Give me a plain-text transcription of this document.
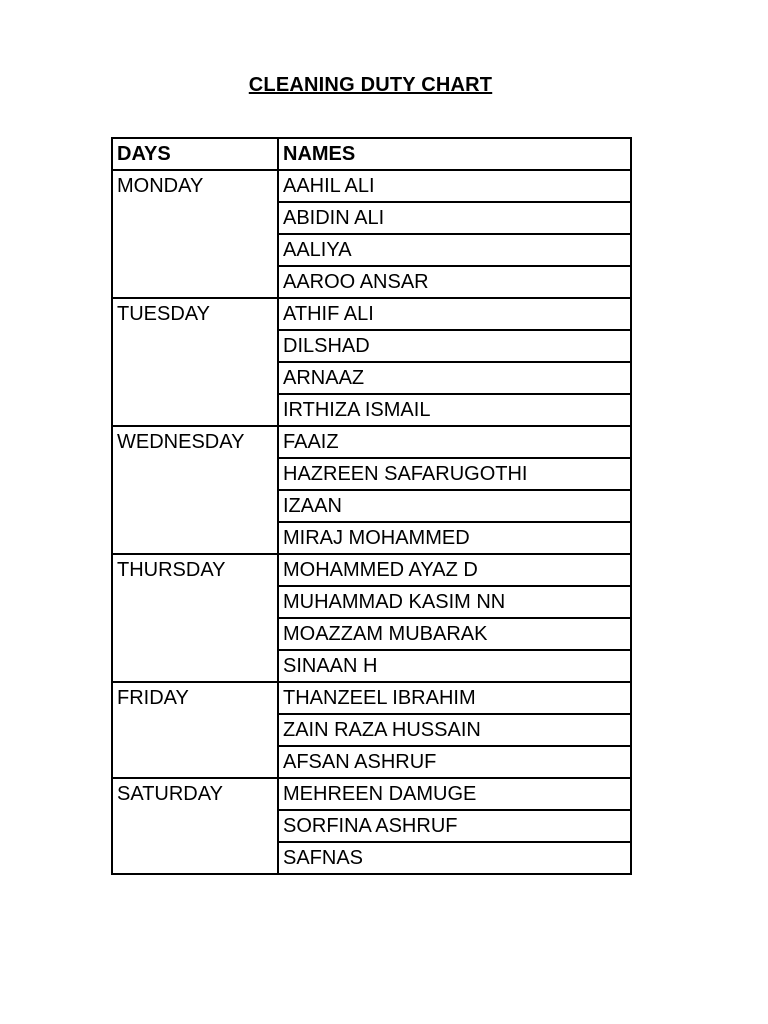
CLEANING DUTY CHART
DAYS	NAMES
MONDAY	AAHIL ALI
	ABIDIN ALI
	AALIYA
	AAROO ANSAR
TUESDAY	ATHIF ALI
	DILSHAD
	ARNAAZ
	IRTHIZA ISMAIL
WEDNESDAY	FAAIZ
	HAZREEN SAFARUGOTHI
	IZAAN
	MIRAJ MOHAMMED
THURSDAY	MOHAMMED AYAZ D
	MUHAMMAD KASIM NN
	MOAZZAM MUBARAK
	SINAAN H
FRIDAY	THANZEEL IBRAHIM
	ZAIN RAZA HUSSAIN
	AFSAN ASHRUF
SATURDAY	MEHREEN DAMUGE
	SORFINA ASHRUF
	SAFNAS
